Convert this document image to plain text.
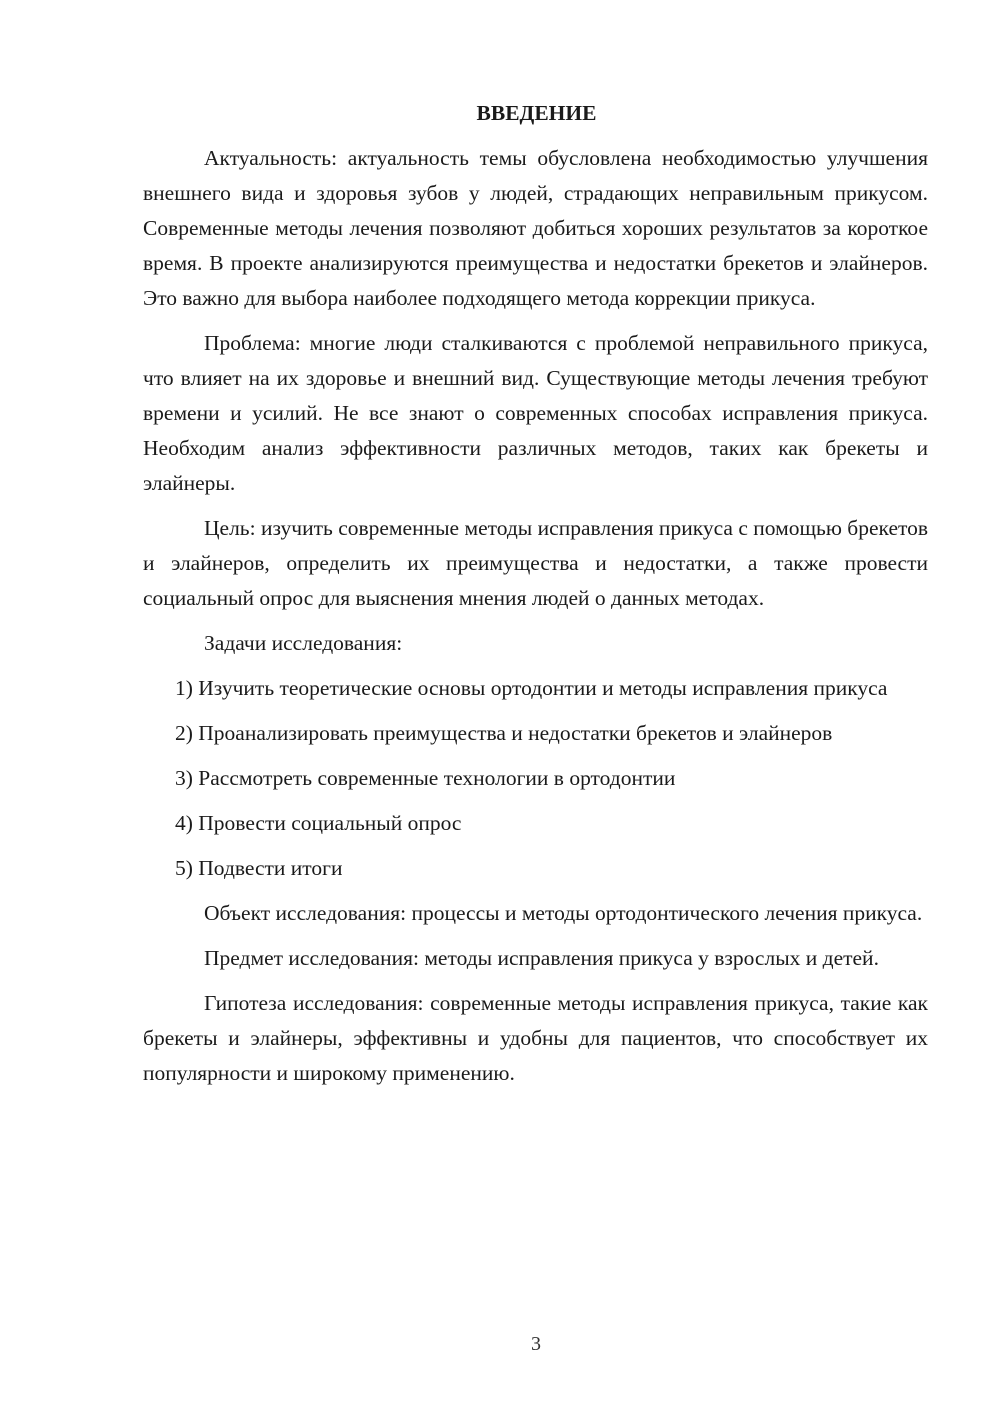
ВВЕДЕНИЕ

Актуальность: актуальность темы обусловлена необходимостью улучшения внешнего вида и здоровья зубов у людей, страдающих неправильным прикусом. Современные методы лечения позволяют добиться хороших результатов за короткое время. В проекте анализируются преимущества и недостатки брекетов и элайнеров. Это важно для выбора наиболее подходящего метода коррекции прикуса.

Проблема: многие люди сталкиваются с проблемой неправильного прикуса, что влияет на их здоровье и внешний вид. Существующие методы лечения требуют времени и усилий. Не все знают о современных способах исправления прикуса. Необходим анализ эффективности различных методов, таких как брекеты и элайнеры.

Цель: изучить современные методы исправления прикуса с помощью брекетов и элайнеров, определить их преимущества и недостатки, а также провести социальный опрос для выяснения мнения людей о данных методах.

Задачи исследования:

1) Изучить теоретические основы ортодонтии и методы исправления прикуса

2) Проанализировать преимущества и недостатки брекетов и элайнеров

3) Рассмотреть современные технологии в ортодонтии

4) Провести социальный опрос

5) Подвести итоги

Объект исследования: процессы и методы ортодонтического лечения прикуса.

Предмет исследования: методы исправления прикуса у взрослых и детей.

Гипотеза исследования: современные методы исправления прикуса, такие как брекеты и элайнеры, эффективны и удобны для пациентов, что способствует их популярности и широкому применению.

3
